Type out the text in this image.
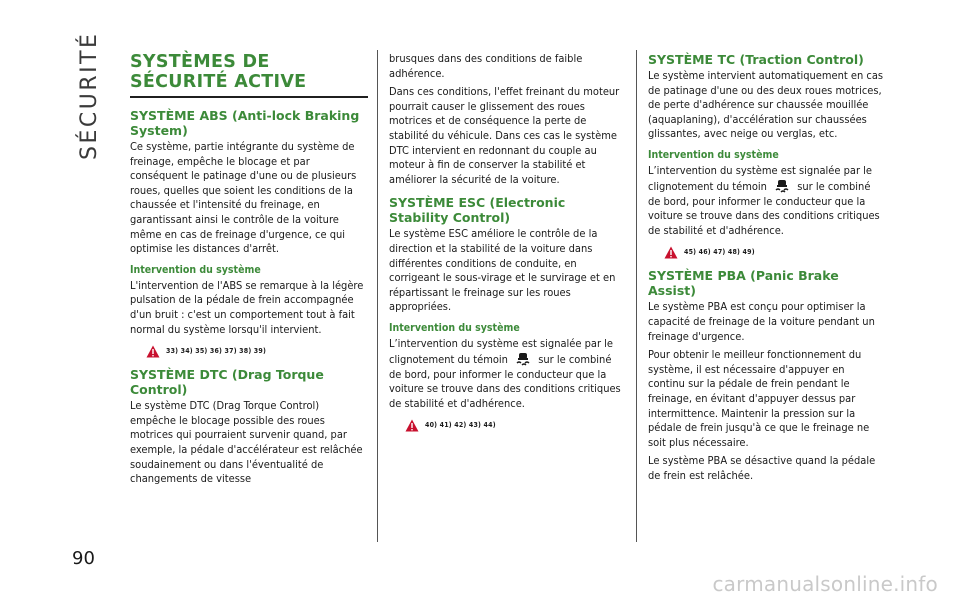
SÉCURITÉ
90
SYSTÈMES DE SÉCURITÉ ACTIVE
SYSTÈME ABS (Anti-lock Braking System)

Ce système, partie intégrante du système de freinage, empêche le blocage et par conséquent le patinage d'une ou de plusieurs roues, quelles que soient les conditions de la chaussée et l'intensité du freinage, en garantissant ainsi le contrôle de la voiture même en cas de freinage d'urgence, ce qui optimise les distances d'arrêt.

Intervention du système

L'intervention de l'ABS se remarque à la légère pulsation de la pédale de frein accompagnée d'un bruit : c'est un comportement tout à fait normal du système lorsqu'il intervient.

33) 34) 35) 36) 37) 38) 39)
SYSTÈME DTC (Drag Torque Control)

Le système DTC (Drag Torque Control) empêche le blocage possible des roues motrices qui pourraient survenir quand, par exemple, la pédale d'accélérateur est relâchée soudainement ou dans l'éventualité de changements de vitesse

brusques dans des conditions de faible adhérence.

Dans ces conditions, l'effet freinant du moteur pourrait causer le glissement des roues motrices et de conséquence la perte de stabilité du véhicule. Dans ces cas le système DTC intervient en redonnant du couple au moteur à fin de conserver la stabilité et améliorer la sécurité de la voiture.

SYSTÈME ESC (Electronic Stability Control)

Le système ESC améliore le contrôle de la direction et la stabilité de la voiture dans différentes conditions de conduite, en corrigeant le sous-virage et le survirage et en répartissant le freinage sur les roues appropriées.

Intervention du système

L’intervention du système est signalée par le clignotement du témoin	sur le combiné de bord, pour informer le conducteur que la voiture se trouve dans des conditions critiques de stabilité et d'adhérence.

40) 41) 42) 43) 44)
SYSTÈME TC (Traction Control)

Le système intervient automatiquement en cas de patinage d'une ou des deux roues motrices, de perte d'adhérence sur chaussée mouillée (aquaplaning), d'accélération sur chaussées glissantes, avec neige ou verglas, etc.

Intervention du système

L’intervention du système est signalée par le clignotement du témoin	sur le combiné de bord, pour informer le conducteur que la voiture se trouve dans des conditions critiques de stabilité et d'adhérence.

45) 46) 47) 48) 49)
SYSTÈME PBA (Panic Brake Assist)

Le système PBA est conçu pour optimiser la capacité de freinage de la voiture pendant un freinage d'urgence.

Pour obtenir le meilleur fonctionnement du système, il est nécessaire d'appuyer en continu sur la pédale de frein pendant le freinage, en évitant d'appuyer dessus par intermittence. Maintenir la pression sur la pédale de frein jusqu'à ce que le freinage ne soit plus nécessaire.

Le système PBA se désactive quand la pédale de frein est relâchée.

carmanualsonline.info
